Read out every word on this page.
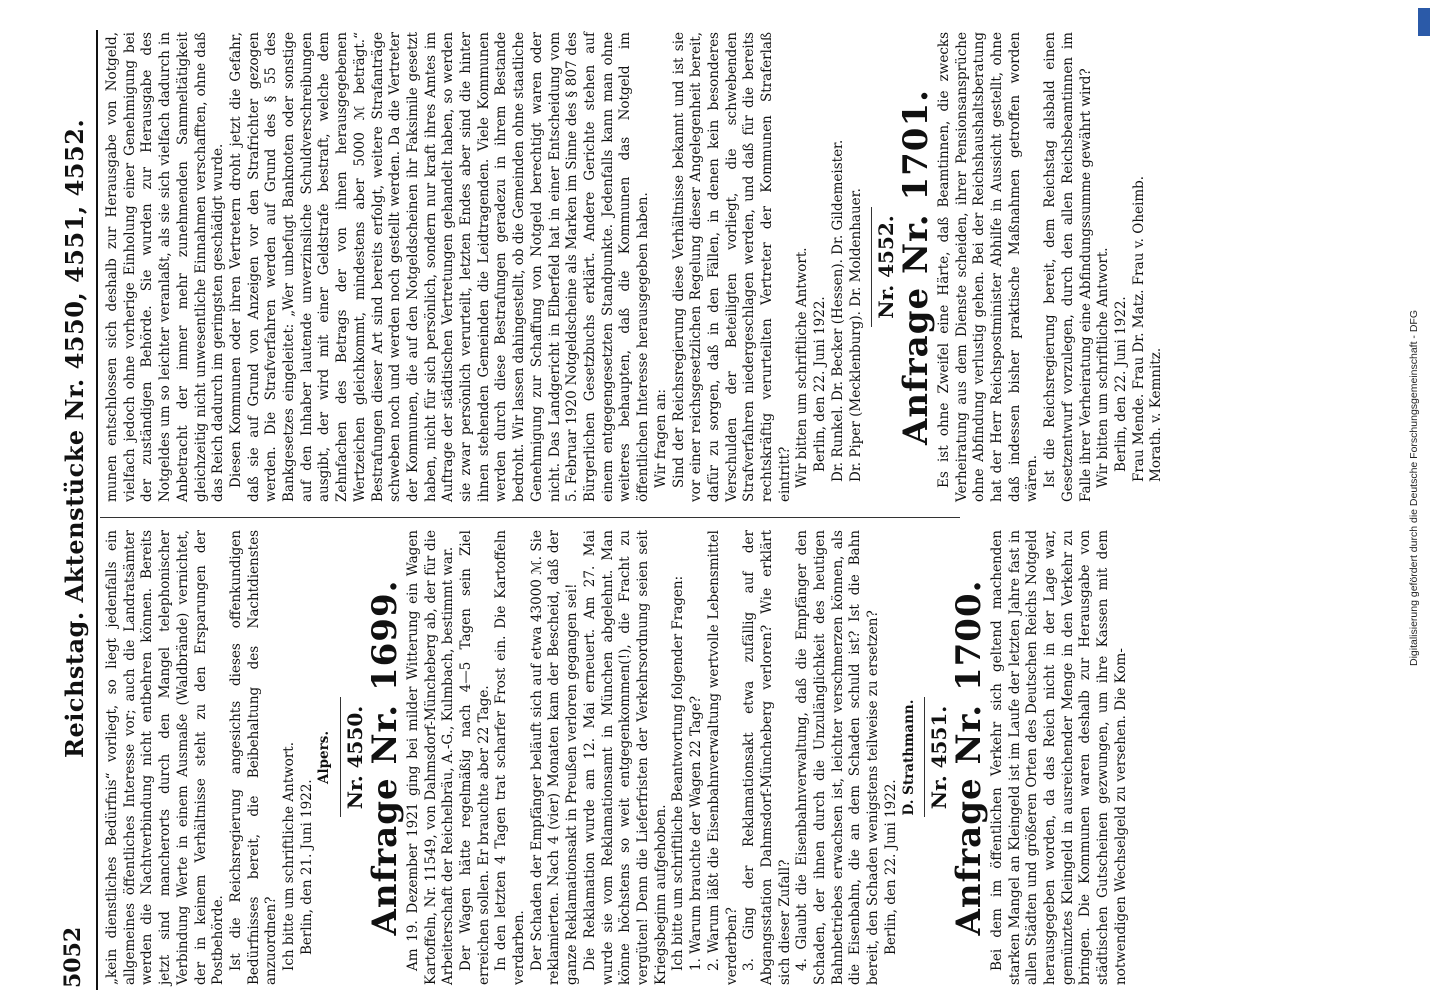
5052
Reichstag. Aktenstücke Nr. 4550, 4551, 4552. „kein dienstliches Bedürfnis“ vorliegt, so liegt jedenfalls ein allgemeines öffentliches Interesse vor; auch die Landratsämter werden die Nachtverbindung nicht entbehren können. Bereits jetzt sind mancherorts durch den Mangel telephonischer Verbindung Werte in einem Ausmaße (Waldbrände) vernichtet, der in keinem Verhältnisse steht zu den Ersparungen der Postbehörde. Ist die Reichsregierung angesichts dieses offenkundigen Bedürfnisses bereit, die Beibehaltung des Nachtdienstes anzuordnen? Ich bitte um schriftliche Antwort. Berlin, den 21. Juni 1922.

Alpers. Nr. 4550.

Anfrage Nr. 1699. Am 19. Dezember 1921 ging bei milder Witterung ein Wagen Kartoffeln, Nr. 11549, von Dahmsdorf-Müncheberg ab, der für die Arbeiterschaft der Reichelbräu, A.-G., Kulmbach, bestimmt war. Der Wagen hätte regelmäßig nach 4—5 Tagen sein Ziel erreichen sollen. Er brauchte aber 22 Tage. In den letzten 4 Tagen trat scharfer Frost ein. Die Kartoffeln verdarben. Der Schaden der Empfänger beläuft sich auf etwa 43000 ℳ. Sie reklamierten. Nach 4 (vier) Monaten kam der Bescheid, daß der ganze Reklamationsakt in Preußen verloren gegangen sei! Die Reklamation wurde am 12. Mai erneuert. Am 27. Mai wurde sie vom Reklamationsamt in München abgelehnt. Man könne höchstens so weit entgegenkommen(!), die Fracht zu vergüten! Denn die Lieferfristen der Verkehrsordnung seien seit Kriegsbeginn aufgehoben. Ich bitte um schriftliche Beantwortung folgender Fragen: 1. Warum brauchte der Wagen 22 Tage? 2. Warum läßt die Eisenbahnverwaltung wertvolle Lebensmittel verderben? 3. Ging der Reklamationsakt etwa zufällig auf der Abgangsstation Dahmsdorf-Müncheberg verloren? Wie erklärt sich dieser Zufall? 4. Glaubt die Eisenbahnverwaltung, daß die Empfänger den Schaden, der ihnen durch die Unzulänglichkeit des heutigen Bahnbetriebes erwachsen ist, leichter verschmerzen können, als die Eisenbahn, die an dem Schaden schuld ist? Ist die Bahn bereit, den Schaden wenigstens teilweise zu ersetzen? Berlin, den 22. Juni 1922.

D. Strathmann. Nr. 4551.

Anfrage Nr. 1700. Bei dem im öffentlichen Verkehr sich geltend machenden starken Mangel an Kleingeld ist im Laufe der letzten Jahre fast in allen Städten und größeren Orten des Deutschen Reichs Notgeld herausgegeben worden, da das Reich nicht in der Lage war, gemünztes Kleingeld in ausreichender Menge in den Verkehr zu bringen. Die Kommunen waren deshalb zur Herausgabe von städtischen Gutscheinen gezwungen, um ihre Kassen mit dem notwendigen Wechselgeld zu versehen. Die Kom-

munen entschlossen sich deshalb zur Herausgabe von Notgeld, vielfach jedoch ohne vorherige Einholung einer Genehmigung bei der zuständigen Behörde. Sie wurden zur Herausgabe des Notgeldes um so leichter veranlaßt, als sie sich vielfach dadurch in Anbetracht der immer mehr zunehmenden Sammeltätigkeit gleichzeitig nicht unwesentliche Einnahmen verschafften, ohne daß das Reich dadurch im geringsten geschädigt wurde. Diesen Kommunen oder ihren Vertretern droht jetzt die Gefahr, daß sie auf Grund von Anzeigen vor den Strafrichter gezogen werden. Die Strafverfahren werden auf Grund des § 55 des Bankgesetzes eingeleitet: „Wer unbefugt Banknoten oder sonstige auf den Inhaber lautende unverzinsliche Schuldverschreibungen ausgibt, der wird mit einer Geldstrafe bestraft, welche dem Zehnfachen des Betrags der von ihnen herausgegebenen Wertzeichen gleichkommt, mindestens aber 5000 ℳ beträgt.“ Bestrafungen dieser Art sind bereits erfolgt, weitere Strafanträge schweben noch und werden noch gestellt werden. Da die Vertreter der Kommunen, die auf den Notgeldscheinen ihr Faksimile gesetzt haben, nicht für sich persönlich, sondern nur kraft ihres Amtes im Auftrage der städtischen Vertretungen gehandelt haben, so werden sie zwar persönlich verurteilt, letzten Endes aber sind die hinter ihnen stehenden Gemeinden die Leidtragenden. Viele Kommunen werden durch diese Bestrafungen geradezu in ihrem Bestande bedroht. Wir lassen dahingestellt, ob die Gemeinden ohne staatliche Genehmigung zur Schaffung von Notgeld berechtigt waren oder nicht. Das Landgericht in Elberfeld hat in einer Entscheidung vom 5. Februar 1920 Notgeldscheine als Marken im Sinne des § 807 des Bürgerlichen Gesetzbuchs erklärt. Andere Gerichte stehen auf einem entgegengesetzten Standpunkte. Jedenfalls kann man ohne weiteres behaupten, daß die Kommunen das Notgeld im öffentlichen Interesse herausgegeben haben. Wir fragen an: Sind der Reichsregierung diese Verhältnisse bekannt und ist sie vor einer reichsgesetzlichen Regelung dieser Angelegenheit bereit, dafür zu sorgen, daß in den Fällen, in denen kein besonderes Verschulden der Beteiligten vorliegt, die schwebenden Strafverfahren niedergeschlagen werden, und daß für die bereits rechtskräftig verurteilten Vertreter der Kommunen Straferlaß eintritt? Wir bitten um schriftliche Antwort. Berlin, den 22. Juni 1922. Dr. Runkel. Dr. Becker (Hessen). Dr. Gildemeister. Dr. Piper (Mecklenburg). Dr. Moldenhauer. Nr. 4552.

Anfrage Nr. 1701. Es ist ohne Zweifel eine Härte, daß Beamtinnen, die zwecks Verheiratung aus dem Dienste scheiden, ihrer Pensionsansprüche ohne Abfindung verlustig gehen. Bei der Reichshaushaltsberatung hat der Herr Reichspostminister Abhilfe in Aussicht gestellt, ohne daß indessen bisher praktische Maßnahmen getroffen worden wären. Ist die Reichsregierung bereit, dem Reichstag alsbald einen Gesetzentwurf vorzulegen, durch den allen Reichsbeamtinnen im Falle ihrer Verheiratung eine Abfindungssumme gewährt wird? Wir bitten um schriftliche Antwort. Berlin, den 22. Juni 1922. Frau Mende. Frau Dr. Matz. Frau v. Oheimb. Morath. v. Kemnitz.	Digitalisierung gefördert durch die Deutsche Forschungsgemeinschaft - DFG
